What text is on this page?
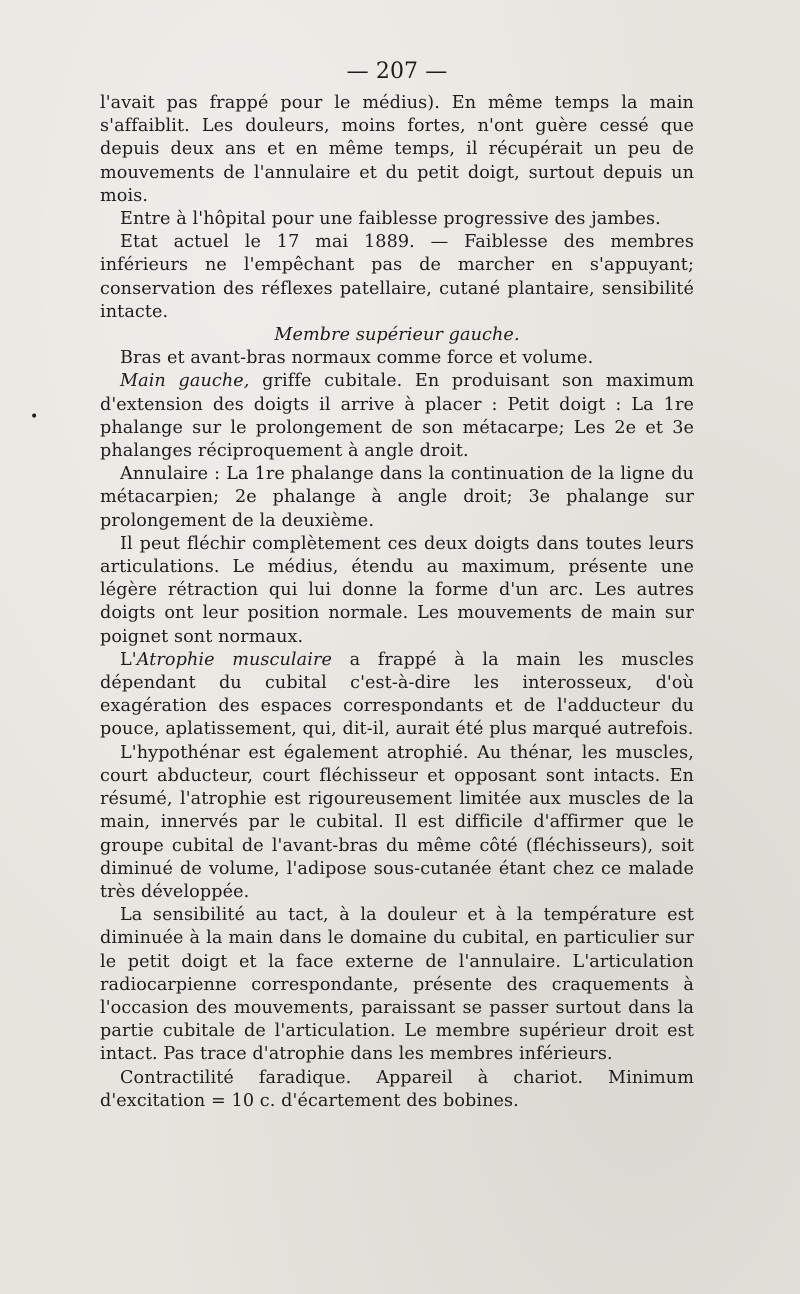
•
— 207 —

l'avait pas frappé pour le médius). En même temps la main s'affaiblit. Les douleurs, moins fortes, n'ont guère cessé que depuis deux ans et en même temps, il récupérait un peu de mouvements de l'annulaire et du petit doigt, surtout depuis un mois.

Entre à l'hôpital pour une faiblesse progressive des jambes.

Etat actuel le 17 mai 1889. — Faiblesse des membres inférieurs ne l'empêchant pas de marcher en s'appuyant; conservation des réflexes patellaire, cutané plantaire, sensibilité intacte.

Membre supérieur gauche.

Bras et avant-bras normaux comme force et volume.

Main gauche, griffe cubitale. En produisant son maximum d'extension des doigts il arrive à placer : Petit doigt : La 1re phalange sur le prolongement de son métacarpe; Les 2e et 3e phalanges réciproquement à angle droit.

Annulaire : La 1re phalange dans la continuation de la ligne du métacarpien; 2e phalange à angle droit; 3e phalange sur prolongement de la deuxième.

Il peut fléchir complètement ces deux doigts dans toutes leurs articulations. Le médius, étendu au maximum, présente une légère rétraction qui lui donne la forme d'un arc. Les autres doigts ont leur position normale. Les mouvements de main sur poignet sont normaux.

L'Atrophie musculaire a frappé à la main les muscles dépendant du cubital c'est-à-dire les interosseux, d'où exagération des espaces correspondants et de l'adducteur du pouce, aplatissement, qui, dit-il, aurait été plus marqué autrefois.

L'hypothénar est également atrophié. Au thénar, les muscles, court abducteur, court fléchisseur et opposant sont intacts. En résumé, l'atrophie est rigoureusement limitée aux muscles de la main, innervés par le cubital. Il est difficile d'affirmer que le groupe cubital de l'avant-bras du même côté (fléchisseurs), soit diminué de volume, l'adipose sous-cutanée étant chez ce malade très développée.

La sensibilité au tact, à la douleur et à la température est diminuée à la main dans le domaine du cubital, en particulier sur le petit doigt et la face externe de l'annulaire. L'articulation radiocarpienne correspondante, présente des craquements à l'occasion des mouvements, paraissant se passer surtout dans la partie cubitale de l'articulation. Le membre supérieur droit est intact. Pas trace d'atrophie dans les membres inférieurs.

Contractilité faradique. Appareil à chariot. Minimum d'excitation = 10 c. d'écartement des bobines.
